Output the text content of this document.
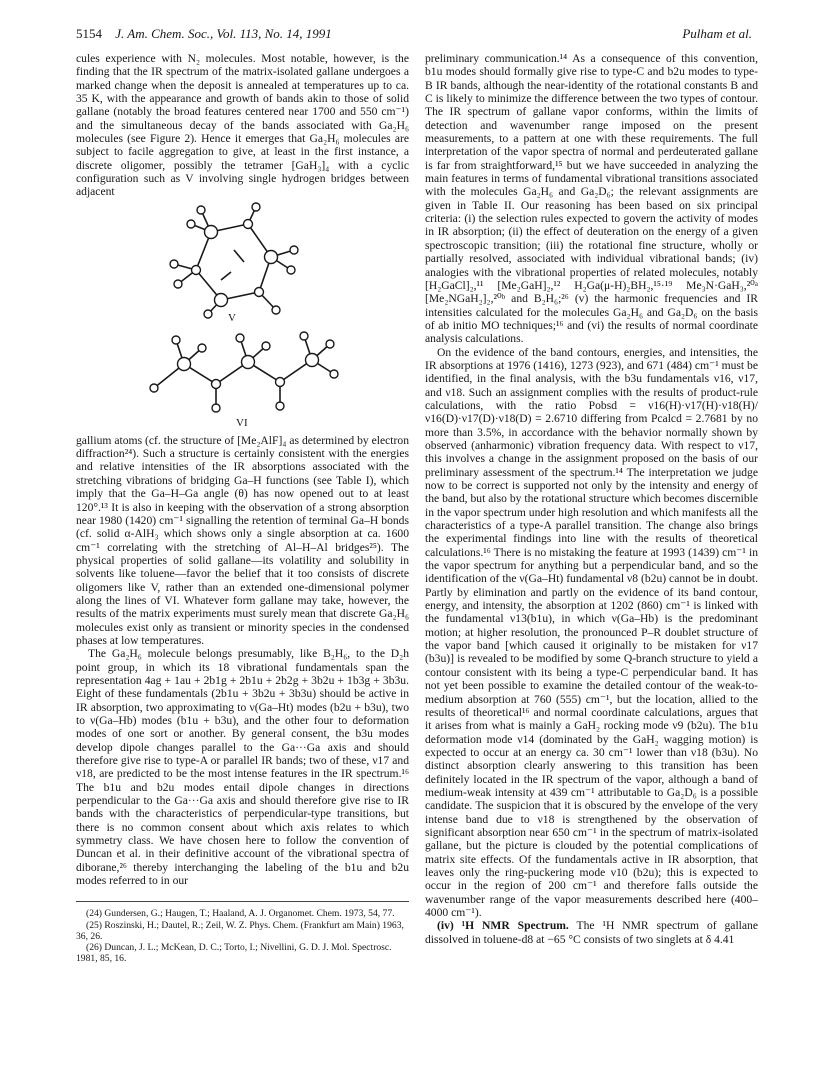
5154 J. Am. Chem. Soc., Vol. 113, No. 14, 1991	Pulham et al.

cules experience with N₂ molecules. Most notable, however, is the finding that the IR spectrum of the matrix-isolated gallane undergoes a marked change when the deposit is annealed at temperatures up to ca. 35 K, with the appearance and growth of bands akin to those of solid gallane (notably the broad features centered near 1700 and 550 cm⁻¹) and the simultaneous decay of the bands associated with Ga₂H₆ molecules (see Figure 2). Hence it emerges that Ga₂H₆ molecules are subject to facile aggregation to give, at least in the first instance, a discrete oligomer, possibly the tetramer [GaH₃]₄ with a cyclic configuration such as V involving single hydrogen bridges between adjacent

V
VI

gallium atoms (cf. the structure of [Me₂AlF]₄ as determined by electron diffraction²⁴). Such a structure is certainly consistent with the energies and relative intensities of the IR absorptions associated with the stretching vibrations of bridging Ga–H functions (see Table I), which imply that the Ga–H–Ga angle (θ) has now opened out to at least 120°.¹³ It is also in keeping with the observation of a strong absorption near 1980 (1420) cm⁻¹ signalling the retention of terminal Ga–H bonds (cf. solid α-AlH₃ which shows only a single absorption at ca. 1600 cm⁻¹ correlating with the stretching of Al–H–Al bridges²⁵). The physical properties of solid gallane—its volatility and solubility in solvents like toluene—favor the belief that it too consists of discrete oligomers like V, rather than an extended one-dimensional polymer along the lines of VI. Whatever form gallane may take, however, the results of the matrix experiments must surely mean that discrete Ga₂H₆ molecules exist only as transient or minority species in the condensed phases at low temperatures.

The Ga₂H₆ molecule belongs presumably, like B₂H₆, to the D₂h point group, in which its 18 vibrational fundamentals span the representation 4ag + 1au + 2b1g + 2b1u + 2b2g + 3b2u + 1b3g + 3b3u. Eight of these fundamentals (2b1u + 3b2u + 3b3u) should be active in IR absorption, two approximating to ν(Ga–Ht) modes (b2u + b3u), two to ν(Ga–Hb) modes (b1u + b3u), and the other four to deformation modes of one sort or another. By general consent, the b3u modes develop dipole changes parallel to the Ga···Ga axis and should therefore give rise to type-A or parallel IR bands; two of these, ν17 and ν18, are predicted to be the most intense features in the IR spectrum.¹⁶ The b1u and b2u modes entail dipole changes in directions perpendicular to the Ga···Ga axis and should therefore give rise to IR bands with the characteristics of perpendicular-type transitions, but there is no common consent about which axis relates to which symmetry class. We have chosen here to follow the convention of Duncan et al. in their definitive account of the vibrational spectra of diborane,²⁶ thereby interchanging the labeling of the b1u and b2u modes referred to in our

(24) Gundersen, G.; Haugen, T.; Haaland, A. J. Organomet. Chem. 1973, 54, 77.

(25) Roszinski, H.; Dautel, R.; Zeil, W. Z. Phys. Chem. (Frankfurt am Main) 1963, 36, 26.

(26) Duncan, J. L.; McKean, D. C.; Torto, I.; Nivellini, G. D. J. Mol. Spectrosc. 1981, 85, 16.

preliminary communication.¹⁴ As a consequence of this convention, b1u modes should formally give rise to type-C and b2u modes to type-B IR bands, although the near-identity of the rotational constants B and C is likely to minimize the difference between the two types of contour. The IR spectrum of gallane vapor conforms, within the limits of detection and wavenumber range imposed on the present measurements, to a pattern at one with these requirements. The full interpretation of the vapor spectra of normal and perdeuterated gallane is far from straightforward,¹⁵ but we have succeeded in analyzing the main features in terms of fundamental vibrational transitions associated with the molecules Ga₂H₆ and Ga₂D₆; the relevant assignments are given in Table II. Our reasoning has been based on six principal criteria: (i) the selection rules expected to govern the activity of modes in IR absorption; (ii) the effect of deuteration on the energy of a given spectroscopic transition; (iii) the rotational fine structure, wholly or partially resolved, associated with individual vibrational bands; (iv) analogies with the vibrational properties of related molecules, notably [H₂GaCl]₂,¹¹ [Me₂GaH]₂,¹² H₂Ga(μ-H)₂BH₂,¹⁵·¹⁹ Me₃N·GaH₃,²⁰ᵃ [Me₂NGaH₂]₂,²⁰ᵇ and B₂H₆;²⁶ (v) the harmonic frequencies and IR intensities calculated for the molecules Ga₂H₆ and Ga₂D₆ on the basis of ab initio MO techniques;¹⁶ and (vi) the results of normal coordinate analysis calculations.

On the evidence of the band contours, energies, and intensities, the IR absorptions at 1976 (1416), 1273 (923), and 671 (484) cm⁻¹ must be identified, in the final analysis, with the b3u fundamentals ν16, ν17, and ν18. Such an assignment complies with the results of product-rule calculations, with the ratio Pobsd = ν16(H)·ν17(H)·ν18(H)/ν16(D)·ν17(D)·ν18(D) = 2.6710 differing from Pcalcd = 2.7681 by no more than 3.5%, in accordance with the behavior normally shown by observed (anharmonic) vibration frequency data. With respect to ν17, this involves a change in the assignment proposed on the basis of our preliminary assessment of the spectrum.¹⁴ The interpretation we judge now to be correct is supported not only by the intensity and energy of the band, but also by the rotational structure which becomes discernible in the vapor spectrum under high resolution and which manifests all the characteristics of a type-A parallel transition. The change also brings the experimental findings into line with the results of theoretical calculations.¹⁶ There is no mistaking the feature at 1993 (1439) cm⁻¹ in the vapor spectrum for anything but a perpendicular band, and so the identification of the ν(Ga–Ht) fundamental ν8 (b2u) cannot be in doubt. Partly by elimination and partly on the evidence of its band contour, energy, and intensity, the absorption at 1202 (860) cm⁻¹ is linked with the fundamental ν13(b1u), in which ν(Ga–Hb) is the predominant motion; at higher resolution, the pronounced P–R doublet structure of the vapor band [which caused it originally to be mistaken for ν17 (b3u)] is revealed to be modified by some Q-branch structure to yield a contour consistent with its being a type-C perpendicular band. It has not yet been possible to examine the detailed contour of the weak-to-medium absorption at 760 (555) cm⁻¹, but the location, allied to the results of theoretical¹⁶ and normal coordinate calculations, argues that it arises from what is mainly a GaH₂ rocking mode ν9 (b2u). The b1u deformation mode ν14 (dominated by the GaH₂ wagging motion) is expected to occur at an energy ca. 30 cm⁻¹ lower than ν18 (b3u). No distinct absorption clearly answering to this transition has been definitely located in the IR spectrum of the vapor, although a band of medium-weak intensity at 439 cm⁻¹ attributable to Ga₂D₆ is a possible candidate. The suspicion that it is obscured by the envelope of the very intense band due to ν18 is strengthened by the observation of significant absorption near 650 cm⁻¹ in the spectrum of matrix-isolated gallane, but the picture is clouded by the potential complications of matrix site effects. Of the fundamentals active in IR absorption, that leaves only the ring-puckering mode ν10 (b2u); this is expected to occur in the region of 200 cm⁻¹ and therefore falls outside the wavenumber range of the vapor measurements described here (400–4000 cm⁻¹).

(iv) ¹H NMR Spectrum. The ¹H NMR spectrum of gallane dissolved in toluene-d8 at −65 °C consists of two singlets at δ 4.41
